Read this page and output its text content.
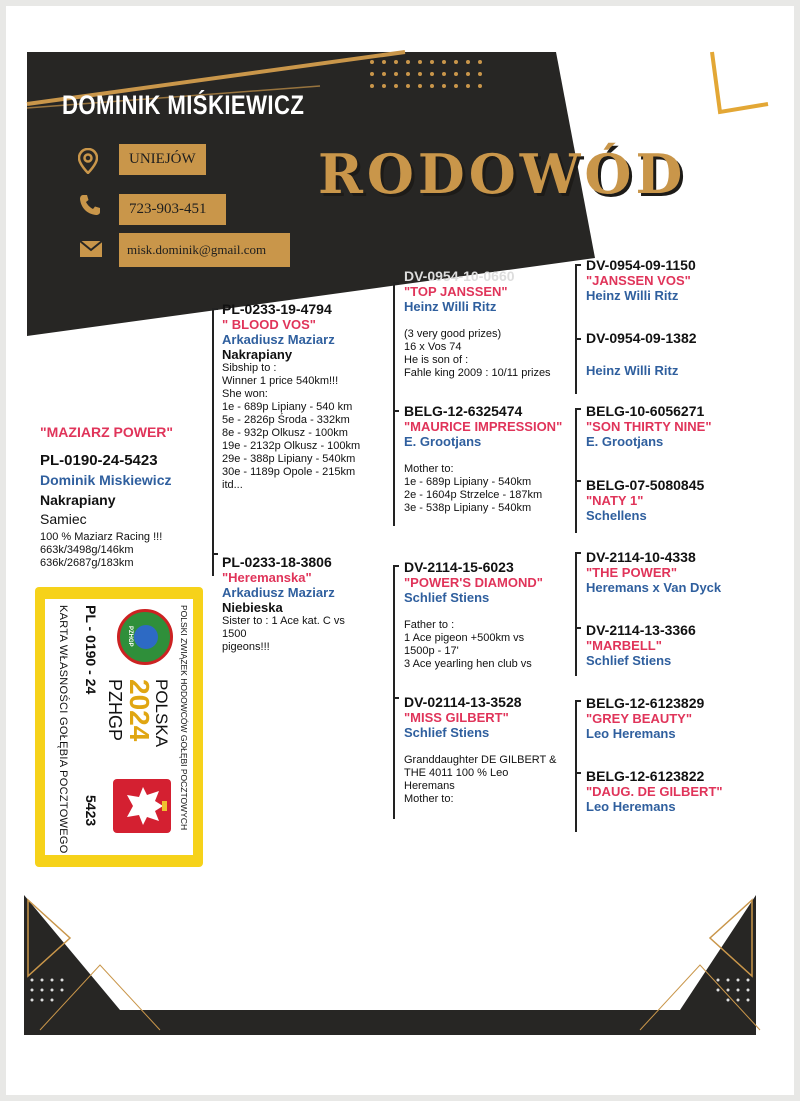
DOMINIK MIŚKIEWICZ
UNIEJÓW
723-903-451
misk.dominik@gmail.com
RODOWÓD
"MAZIARZ POWER"
PL-0190-24-5423
Dominik Miskiewicz
Nakrapiany
Samiec
100 % Maziarz Racing !!!
663k/3498g/146km
636k/2687g/183km
PL-0233-19-4794
" BLOOD VOS"
Arkadiusz Maziarz
Nakrapiany
Sibship to :
Winner 1 price 540km!!!
She won:
1e - 689p Lipiany - 540 km
5e - 2826p Środa - 332km
8e - 932p Olkusz - 100km
19e - 2132p Olkusz - 100km
29e - 388p Lipiany - 540km
30e - 1189p Opole - 215km
itd...
PL-0233-18-3806
"Heremanska"
Arkadiusz Maziarz
Niebieska
Sister to : 1 Ace kat. C vs
1500
pigeons!!!
DV-0954-10-0660
"TOP JANSSEN"
Heinz Willi Ritz
(3 very good prizes)
16 x Vos 74
He is son of :
Fahle king 2009 : 10/11 prizes
BELG-12-6325474
"MAURICE IMPRESSION"
E. Grootjans
Mother to:
1e - 689p Lipiany - 540km
2e - 1604p Strzelce - 187km
3e - 538p Lipiany - 540km
DV-2114-15-6023
"POWER'S DIAMOND"
Schlief Stiens
Father to :
1 Ace pigeon +500km vs
1500p - 17'
3 Ace yearling hen club vs
DV-02114-13-3528
"MISS GILBERT"
Schlief Stiens
Granddaughter DE GILBERT &
THE 4011 100 % Leo
Heremans
Mother to:
DV-0954-09-1150
"JANSSEN VOS"
Heinz Willi Ritz
DV-0954-09-1382
Heinz Willi Ritz
BELG-10-6056271
"SON THIRTY NINE"
E. Grootjans
BELG-07-5080845
"NATY 1"
Schellens
DV-2114-10-4338
"THE POWER"
Heremans x Van Dyck
DV-2114-13-3366
"MARBELL"
Schlief Stiens
BELG-12-6123829
"GREY BEAUTY"
Leo Heremans
BELG-12-6123822
"DAUG. DE GILBERT"
Leo Heremans
POLSKI ZWIĄZEK HODOWCÓW GOŁĘBI POCZTOWYCH
PZHGP
POLSKA
2024
PZHGP
PL - 0190 - 24
5423
KARTA WŁASNOŚCI GOŁĘBIA POCZTOWEGO
